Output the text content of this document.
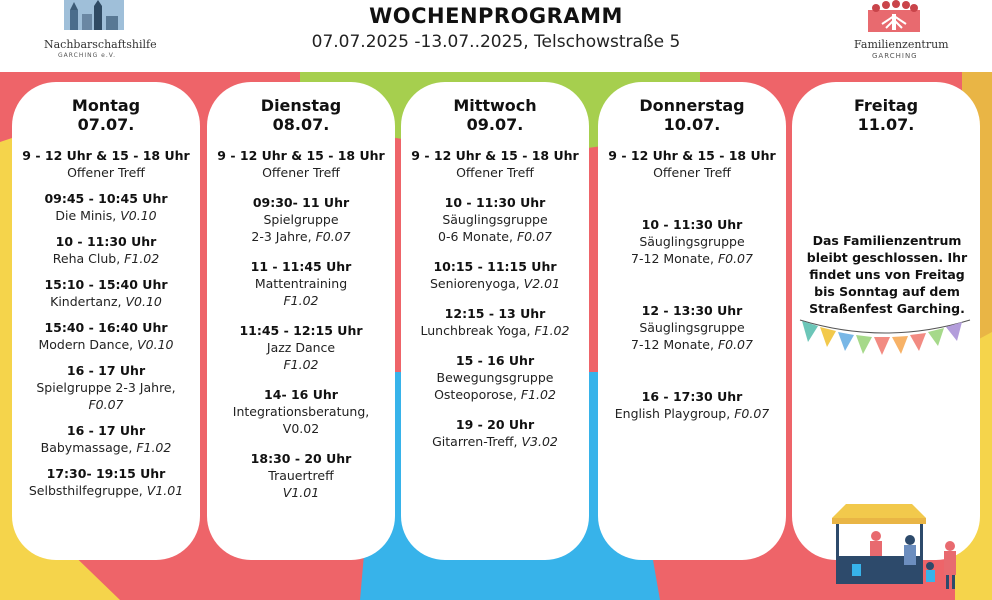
Nachbarschaftshilfe
GARCHING e.V.
WOCHENPROGRAMM
07.07.2025 -13.07..2025, Telschowstraße 5	Familienzentrum
GARCHING
Montag
07.07.
9 - 12 Uhr & 15 - 18 Uhr
Offener Treff
09:45 - 10:45 Uhr
Die Minis, V0.10
10 - 11:30 Uhr
Reha Club, F1.02
15:10 - 15:40 Uhr
Kindertanz, V0.10
15:40 - 16:40 Uhr
Modern Dance, V0.10
16 - 17 Uhr
Spielgruppe 2-3 Jahre,
F0.07
16 - 17 Uhr
Babymassage, F1.02
17:30- 19:15 Uhr
Selbsthilfegruppe, V1.01
Dienstag
08.07.
9 - 12 Uhr & 15 - 18 Uhr
Offener Treff
09:30- 11 Uhr
Spielgruppe
2-3 Jahre, F0.07
11 - 11:45 Uhr
Mattentraining
F1.02
11:45 - 12:15 Uhr
Jazz Dance
F1.02
14- 16 Uhr
Integrationsberatung,
V0.02
18:30 - 20 Uhr
Trauertreff
V1.01
Mittwoch
09.07.
9 - 12 Uhr & 15 - 18 Uhr
Offener Treff
10 - 11:30 Uhr
Säuglingsgruppe
0-6 Monate, F0.07
10:15 - 11:15 Uhr
Seniorenyoga, V2.01
12:15 - 13 Uhr
Lunchbreak Yoga, F1.02
15 - 16 Uhr
Bewegungsgruppe
Osteoporose, F1.02
19 - 20 Uhr
Gitarren-Treff, V3.02
Donnerstag
10.07.
9 - 12 Uhr & 15 - 18 Uhr
Offener Treff
10 - 11:30 Uhr
Säuglingsgruppe
7-12 Monate, F0.07
12 - 13:30 Uhr
Säuglingsgruppe
7-12 Monate, F0.07
16 - 17:30 Uhr
English Playgroup, F0.07
Freitag
11.07.
Das Familienzentrum bleibt geschlossen. Ihr findet uns von Freitag bis Sonntag auf dem Straßenfest Garching.
